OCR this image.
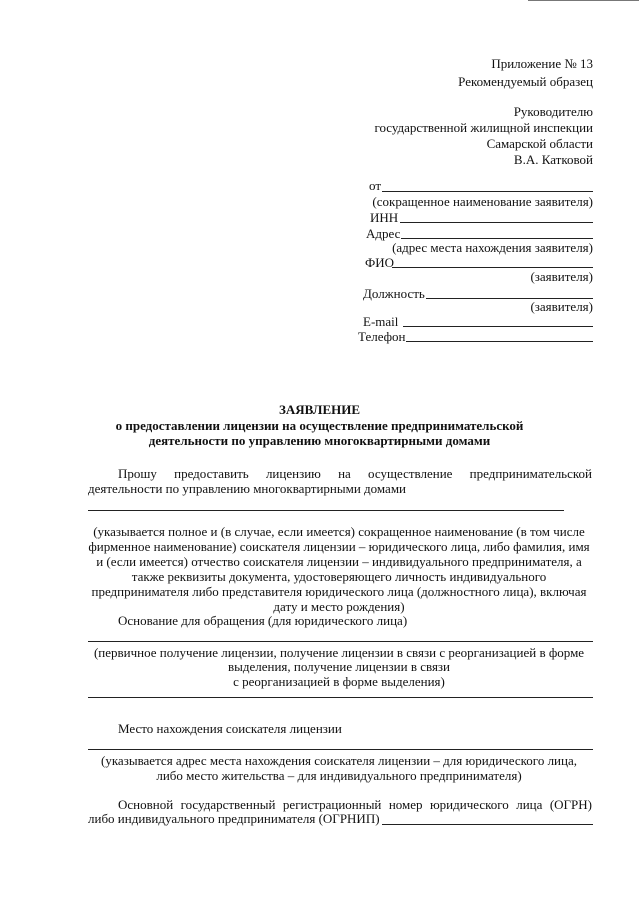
Приложение № 13
Рекомендуемый образец
Руководителю
государственной жилищной инспекции
Самарской области
В.А. Катковой
от
(сокращенное наименование заявителя)
ИНН
Адрес
(адрес места нахождения заявителя)
ФИО
(заявителя)
Должность
(заявителя)
E-mail
Телефон
ЗАЯВЛЕНИЕ
о предоставлении лицензии на осуществление предпринимательской
деятельности по управлению многоквартирными домами
Прошу предоставить лицензию на осуществление предпринимательской
деятельности по управлению многоквартирными домами
(указывается полное и (в случае, если имеется) сокращенное наименование (в том числе фирменное наименование) соискателя лицензии – юридического лица, либо фамилия, имя и (если имеется) отчество соискателя лицензии – индивидуального предпринимателя, а также реквизиты документа, удостоверяющего личность индивидуального предпринимателя либо представителя юридического лица (должностного лица), включая дату и место рождения)
Основание для обращения (для юридического лица)
(первичное получение лицензии, получение лицензии в связи с реорганизацией в форме
выделения, получение лицензии в связи
с реорганизацией в форме выделения)
Место нахождения соискателя лицензии
(указывается адрес места нахождения соискателя лицензии – для юридического лица,
либо место жительства – для индивидуального предпринимателя)
Основной государственный регистрационный номер юридического лица (ОГРН)
либо индивидуального предпринимателя (ОГРНИП)
